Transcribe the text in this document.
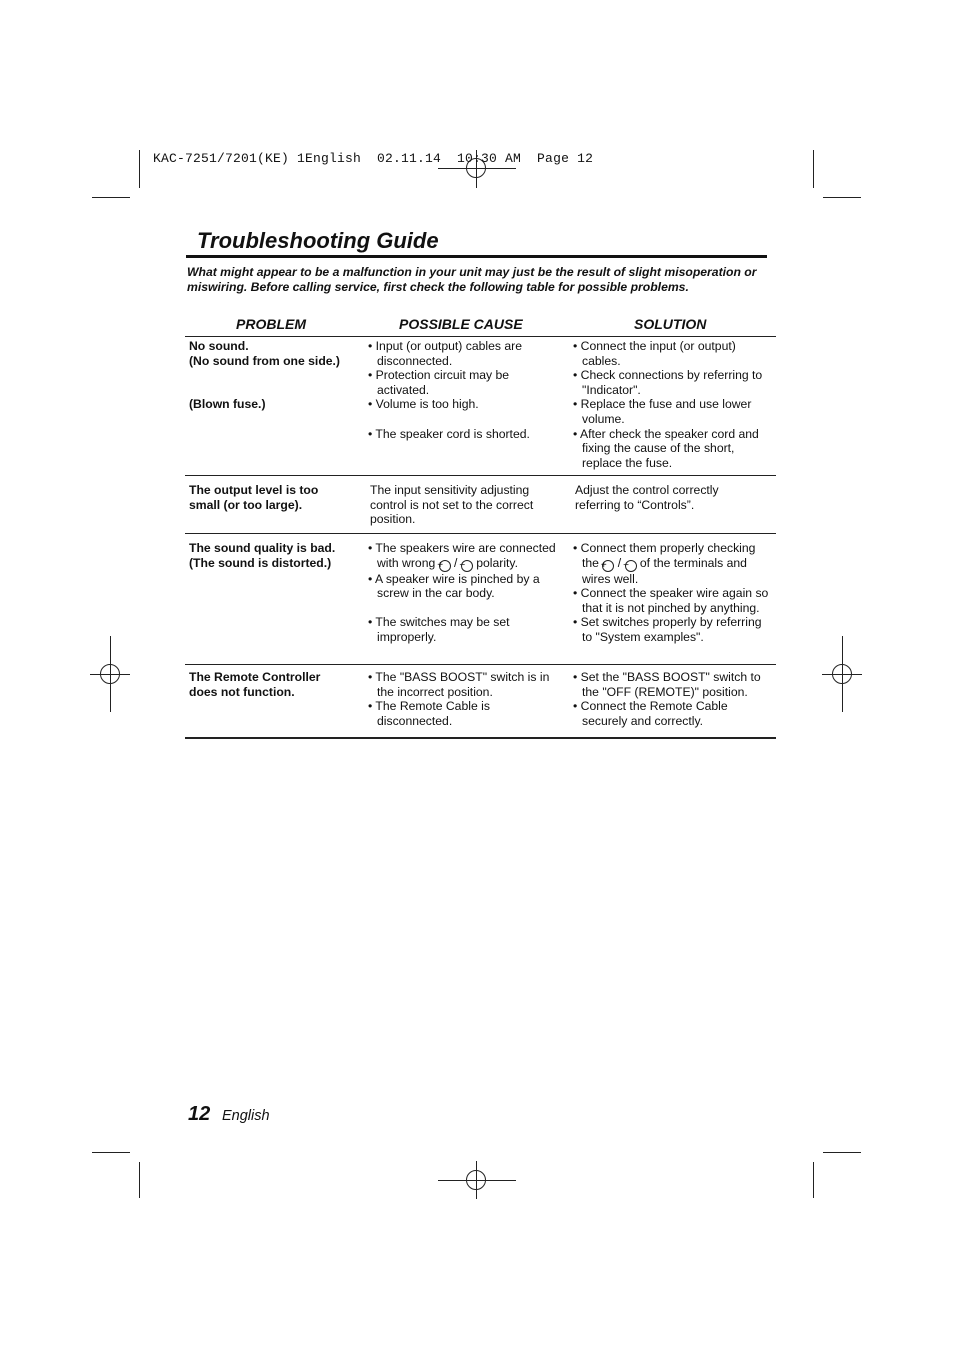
KAC-7251/7201(KE) 1English  02.11.14  10:30 AM  Page 12
Troubleshooting Guide
What might appear to be a malfunction in your unit may just be the result of slight misoperation or miswiring. Before calling service, first check the following table for possible problems.
PROBLEM	POSSIBLE CAUSE	SOLUTION
No sound.
(No sound from one side.)
(Blown fuse.)
• Input (or output) cables are disconnected.
• Protection circuit may be activated.
• Volume is too high.
• The speaker cord is shorted.
• Connect the input (or output) cables.
• Check connections by referring to "Indicator".
• Replace the fuse and use lower volume.
• After check the speaker cord and fixing the cause of the short, replace the fuse.
The output level is too
small (or too large).
The input sensitivity adjusting control is not set to the correct position.
Adjust the control correctly referring to “Controls”.
The sound quality is bad.
(The sound is distorted.)
• The speakers wire are connected with wrong + / − polarity.
• A speaker wire is pinched by a screw in the car body.
• The switches may be set improperly.
• Connect them properly checking the + / − of the terminals and wires well.
• Connect the speaker wire again so that it is not pinched by anything.
• Set switches properly by referring to "System examples".
The Remote Controller
does not function.
• The "BASS BOOST" switch is in the incorrect position.
• The Remote Cable is disconnected.
• Set the "BASS BOOST" switch to the "OFF (REMOTE)" position.
• Connect the Remote Cable securely and correctly.
12 English
